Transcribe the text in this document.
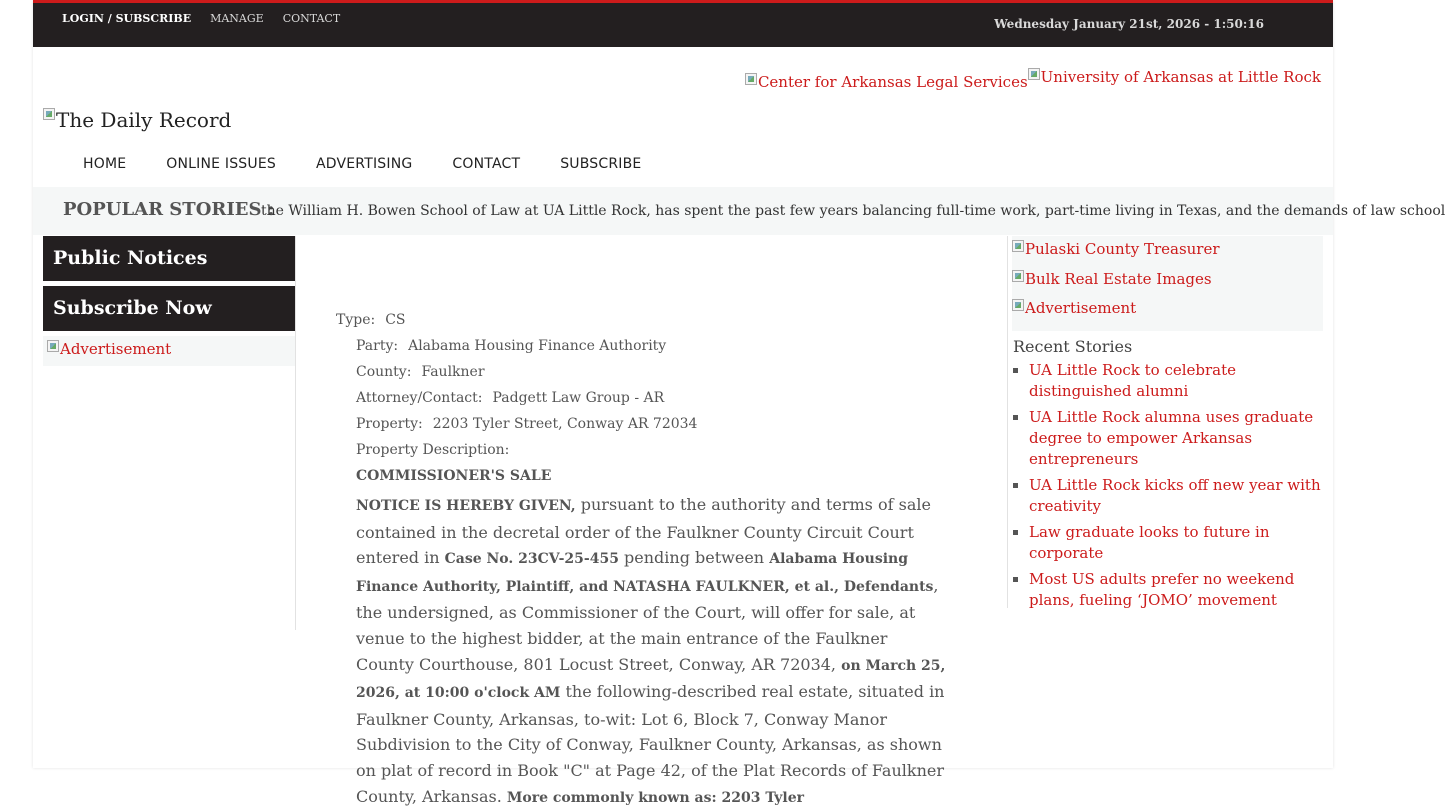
LOGIN / SUBSCRIBE MANAGE CONTACT	Wednesday January 21st, 2026 - 1:50:16
Center for Arkansas Legal Services University of Arkansas at Little Rock
The Daily Record
HOME	ONLINE ISSUES	ADVERTISING	CONTACT	SUBSCRIBE
POPULAR STORIES :
the William H. Bowen School of Law at UA Little Rock, has spent the past few years balancing full-time work, part-time living in Texas, and the demands of law school
Public Notices
Subscribe Now
Advertisement
Type: CS
Party: Alabama Housing Finance Authority
County: Faulkner
Attorney/Contact: Padgett Law Group - AR
Property: 2203 Tyler Street, Conway AR 72034
Property Description:
COMMISSIONER'S SALE
NOTICE IS HEREBY GIVEN, pursuant to the authority and terms of sale contained in the decretal order of the Faulkner County Circuit Court entered in Case No. 23CV-25-455 pending between Alabama Housing Finance Authority, Plaintiff, and NATASHA FAULKNER, et al., Defendants, the undersigned, as Commissioner of the Court, will offer for sale, at venue to the highest bidder, at the main entrance of the Faulkner County Courthouse, 801 Locust Street, Conway, AR 72034, on March 25, 2026, at 10:00 o'clock AM the following-described real estate, situated in Faulkner County, Arkansas, to-wit: Lot 6, Block 7, Conway Manor Subdivision to the City of Conway, Faulkner County, Arkansas, as shown on plat of record in Book "C" at Page 42, of the Plat Records of Faulkner County, Arkansas. More commonly known as: 2203 Tyler
Pulaski County Treasurer
Bulk Real Estate Images
Advertisement
Recent Stories
UA Little Rock to celebrate distinguished alumni
UA Little Rock alumna uses graduate degree to empower Arkansas entrepreneurs
UA Little Rock kicks off new year with creativity
Law graduate looks to future in corporate
Most US adults prefer no weekend plans, fueling ‘JOMO’ movement
